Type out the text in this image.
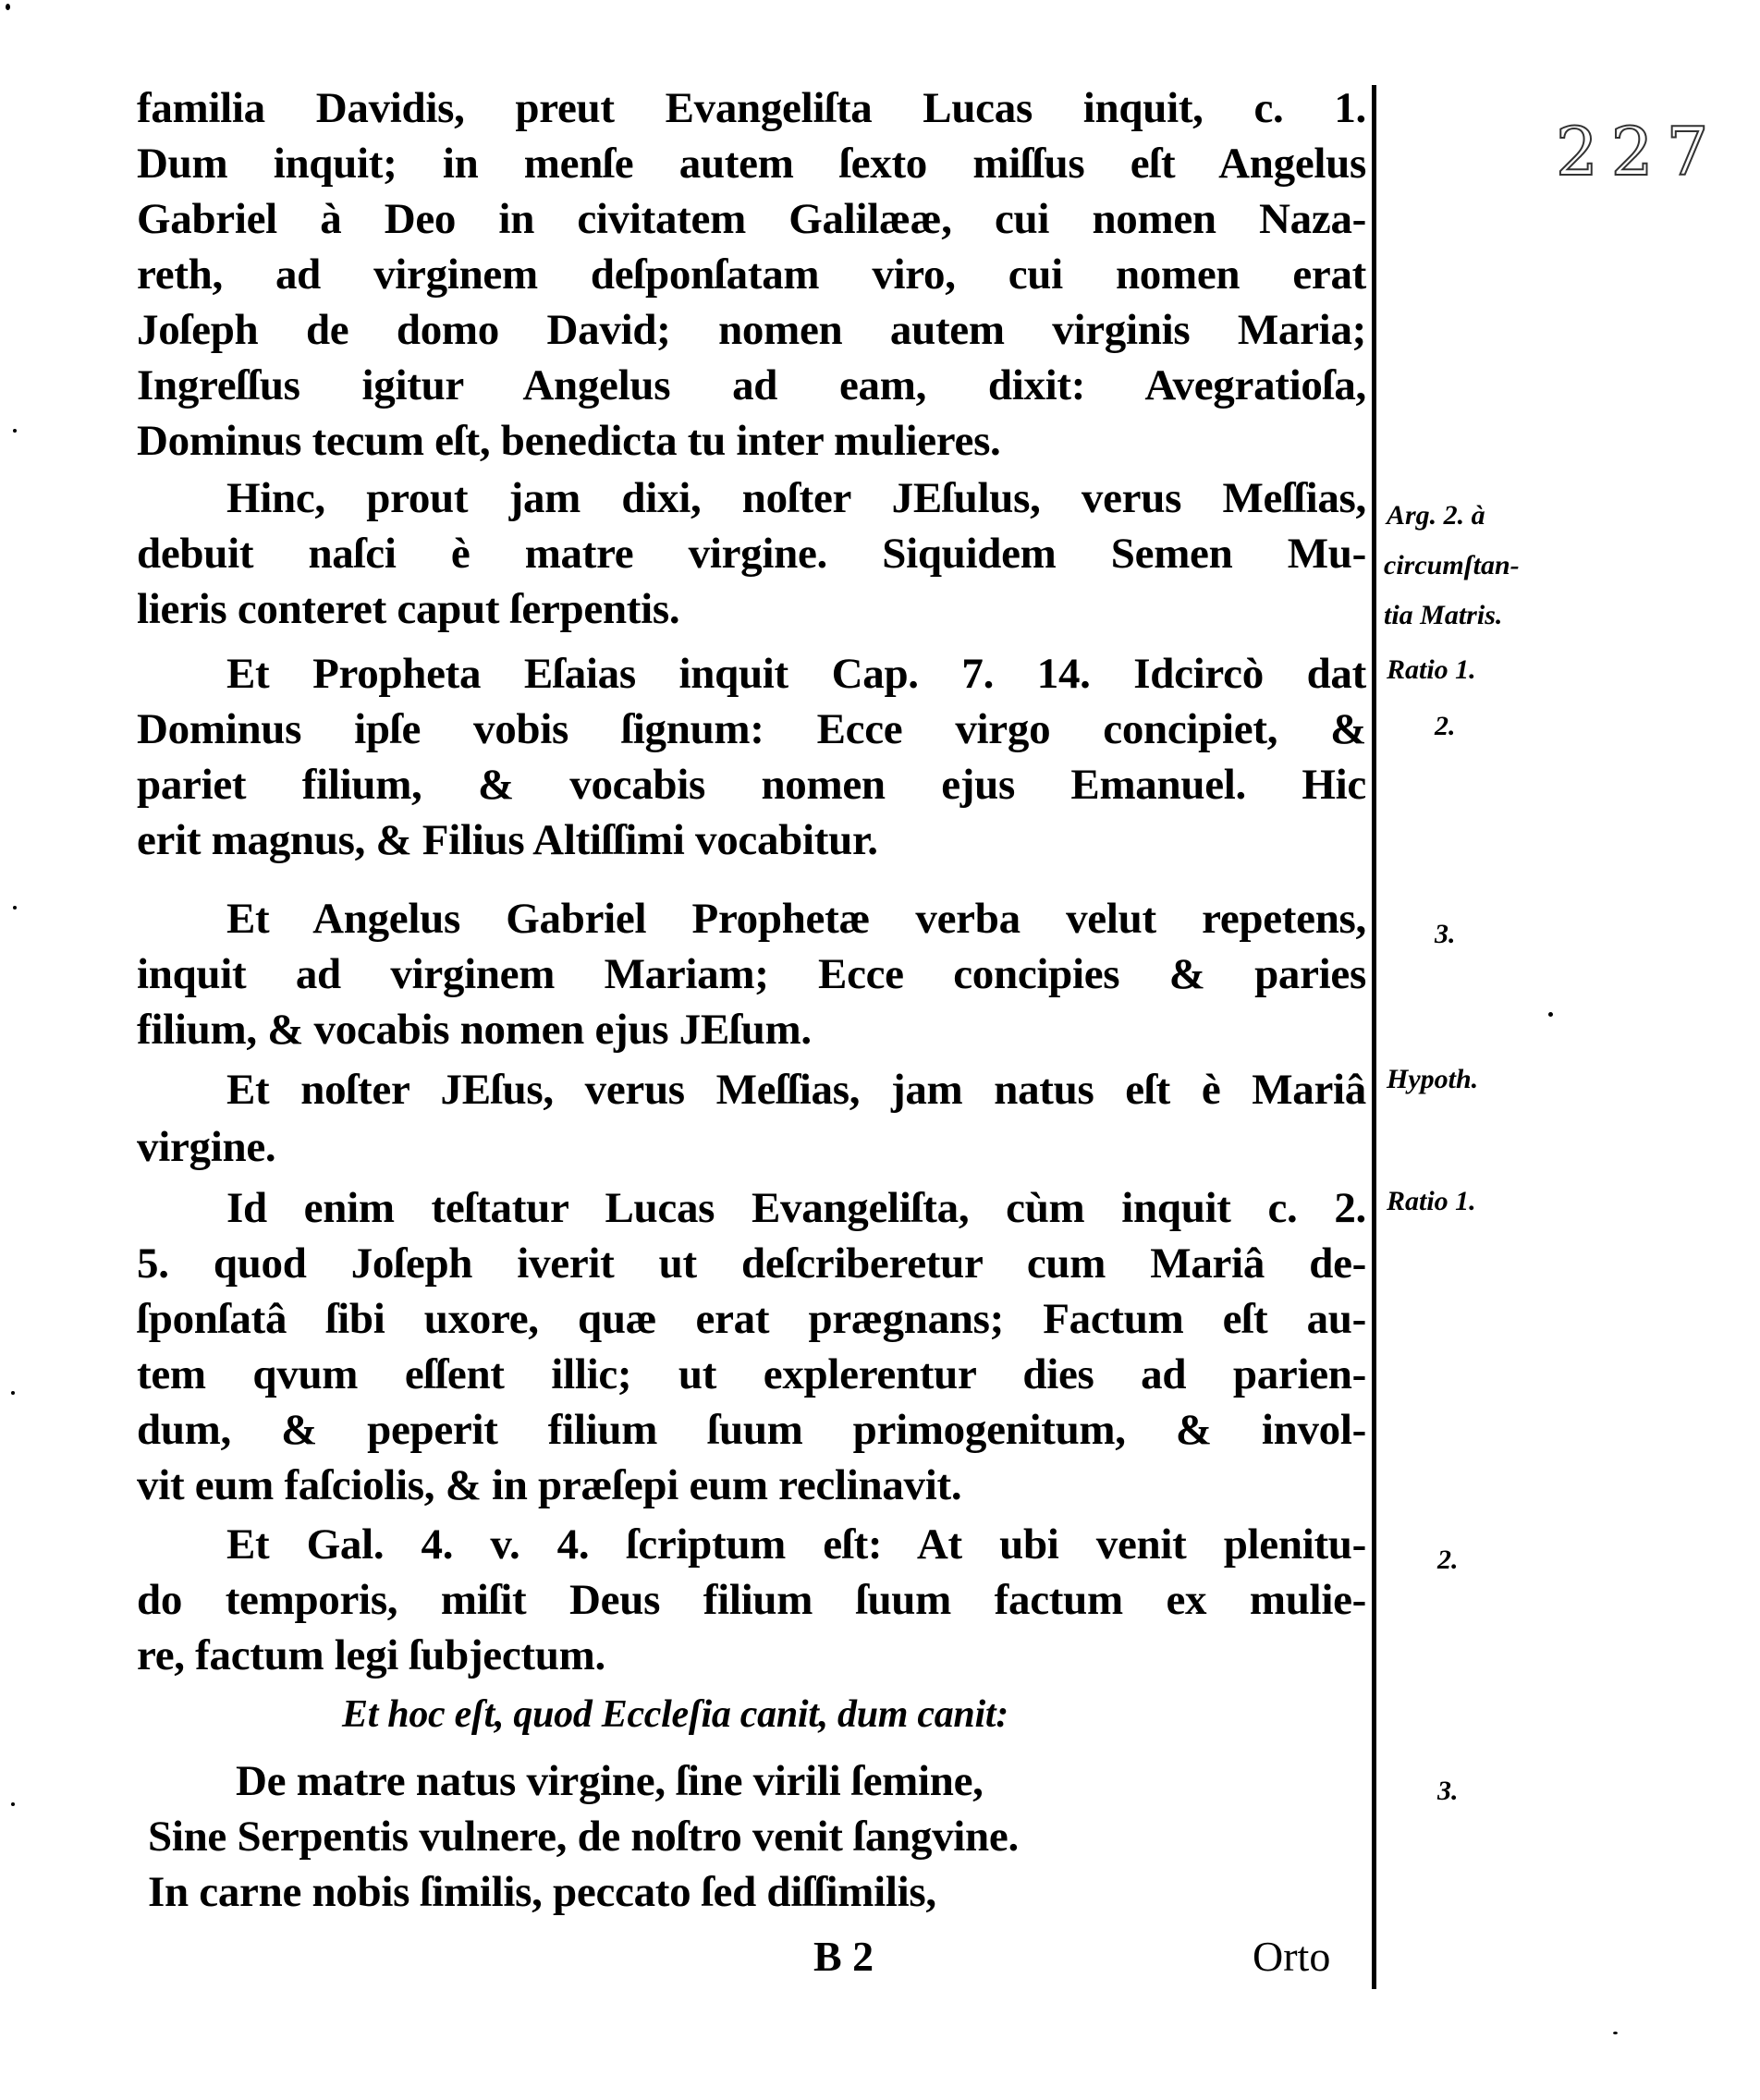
227
familia Davidis, preut Evangeliſta Lucas inquit, c. 1.
Dum inquit; in menſe autem ſexto miſſus eſt Angelus
Gabriel à Deo in civitatem Galilææ, cui nomen Naza-
reth, ad virginem deſponſatam viro, cui nomen erat
Joſeph de domo David; nomen autem virginis Maria;
Ingreſſus igitur Angelus ad eam, dixit: Avegratioſa,
Dominus tecum eſt, benedicta tu inter mulieres.
Hinc, prout jam dixi, noſter JEſulus, verus Meſſias,
debuit naſci è matre virgine. Siquidem Semen Mu-
lieris conteret caput ſerpentis.
Et Propheta Eſaias inquit Cap. 7. 14. Idcircò dat
Dominus ipſe vobis ſignum: Ecce virgo concipiet, &
pariet filium, & vocabis nomen ejus Emanuel. Hic
erit magnus, & Filius Altiſſimi vocabitur.
Et Angelus Gabriel Prophetæ verba velut repetens,
inquit ad virginem Mariam; Ecce concipies & paries
filium, & vocabis nomen ejus JEſum.
Et noſter JEſus, verus Meſſias, jam natus eſt è Mariâ
virgine.
Id enim teſtatur Lucas Evangeliſta, cùm inquit c. 2.
5. quod Joſeph iverit ut deſcriberetur cum Mariâ de-
ſponſatâ ſibi uxore, quæ erat prægnans; Factum eſt au-
tem qvum eſſent illic; ut explerentur dies ad parien-
dum, & peperit filium ſuum primogenitum, & invol-
vit eum faſciolis, & in præſepi eum reclinavit.
Et Gal. 4. v. 4. ſcriptum eſt: At ubi venit plenitu-
do temporis, miſit Deus filium ſuum factum ex mulie-
re, factum legi ſubjectum.
Et hoc eſt, quod Eccleſia canit, dum canit:
De matre natus virgine, ſine virili ſemine,
Sine Serpentis vulnere, de noſtro venit ſangvine.
In carne nobis ſimilis, peccato ſed diſſimilis,
B 2	Orto
Arg. 2. à
circumſtan-
tia Matris.
Ratio 1.
2.
3.
Hypoth.
Ratio 1.
2.
3.
